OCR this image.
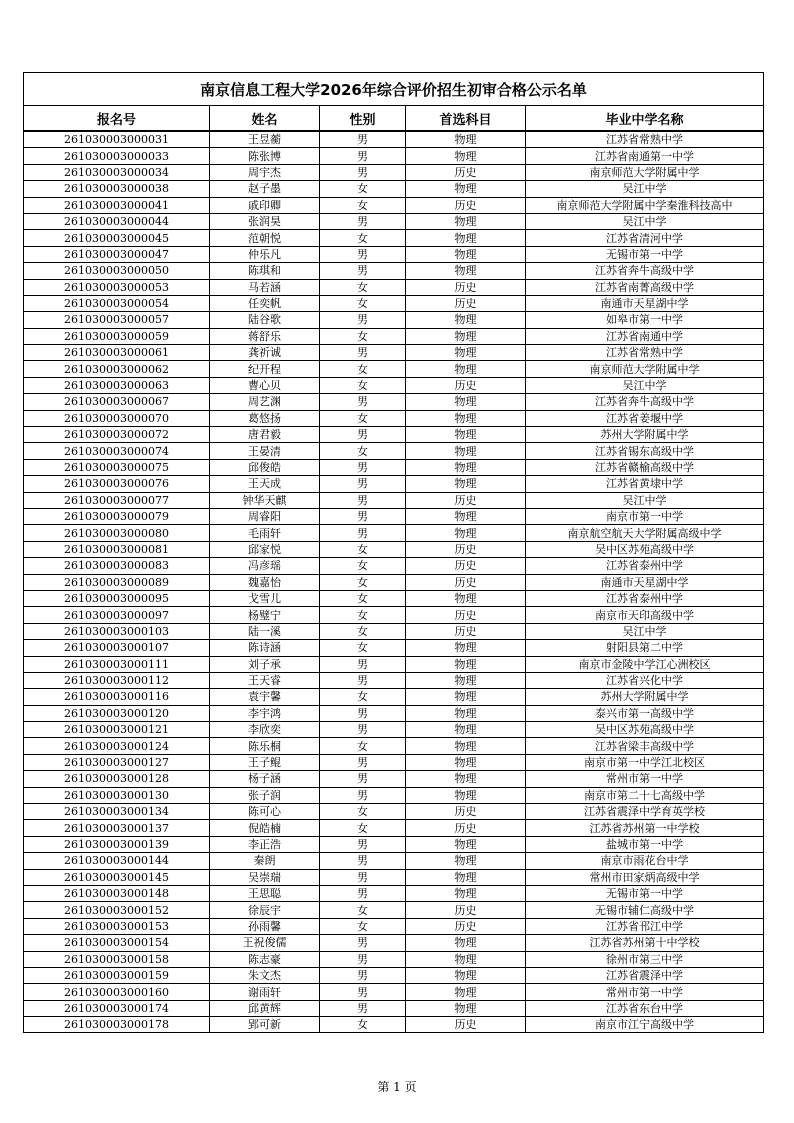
南京信息工程大学2026年综合评价招生初审合格公示名单				
报名号	姓名	性别	首选科目	毕业中学名称
261030003000031	王昱蘅	男	物理	江苏省常熟中学
261030003000033	陈张博	男	物理	江苏省南通第一中学
261030003000034	周宇杰	男	历史	南京师范大学附属中学
261030003000038	赵子墨	女	物理	吴江中学
261030003000041	戚印卿	女	历史	南京师范大学附属中学秦淮科技高中
261030003000044	张润昊	男	物理	吴江中学
261030003000045	范朝悦	女	物理	江苏省清河中学
261030003000047	仲乐凡	男	物理	无锡市第一中学
261030003000050	陈琪和	男	物理	江苏省奔牛高级中学
261030003000053	马若涵	女	历史	江苏省南菁高级中学
261030003000054	任奕帆	女	历史	南通市天星湖中学
261030003000057	陆谷歌	男	物理	如皋市第一中学
261030003000059	蒋舒乐	女	物理	江苏省南通中学
261030003000061	龚祈诚	男	物理	江苏省常熟中学
261030003000062	纪开程	女	物理	南京师范大学附属中学
261030003000063	曹心贝	女	历史	吴江中学
261030003000067	周艺渊	男	物理	江苏省奔牛高级中学
261030003000070	葛悠扬	女	物理	江苏省姜堰中学
261030003000072	唐君毅	男	物理	苏州大学附属中学
261030003000074	王晏清	女	物理	江苏省锡东高级中学
261030003000075	邱俊皓	男	物理	江苏省赣榆高级中学
261030003000076	王天成	男	物理	江苏省黄埭中学
261030003000077	钟华天麒	男	历史	吴江中学
261030003000079	周睿阳	男	物理	南京市第一中学
261030003000080	毛雨轩	男	物理	南京航空航天大学附属高级中学
261030003000081	邱家悦	女	历史	吴中区苏苑高级中学
261030003000083	冯彦瑶	女	历史	江苏省泰州中学
261030003000089	魏嘉怡	女	历史	南通市天星湖中学
261030003000095	戈雪儿	女	物理	江苏省泰州中学
261030003000097	杨璧宁	女	历史	南京市天印高级中学
261030003000103	陆一溪	女	历史	吴江中学
261030003000107	陈诗涵	女	物理	射阳县第二中学
261030003000111	刘子承	男	物理	南京市金陵中学江心洲校区
261030003000112	王天睿	男	物理	江苏省兴化中学
261030003000116	袁宇馨	女	物理	苏州大学附属中学
261030003000120	李宇鸿	男	物理	泰兴市第一高级中学
261030003000121	李欣奕	男	物理	吴中区苏苑高级中学
261030003000124	陈乐桐	女	物理	江苏省梁丰高级中学
261030003000127	王子鲲	男	物理	南京市第一中学江北校区
261030003000128	杨子涵	男	物理	常州市第一中学
261030003000130	张子润	男	物理	南京市第二十七高级中学
261030003000134	陈可心	女	历史	江苏省震泽中学育英学校
261030003000137	倪皓楠	女	历史	江苏省苏州第一中学校
261030003000139	李正浩	男	物理	盐城市第一中学
261030003000144	秦朗	男	物理	南京市雨花台中学
261030003000145	吴崇瑞	男	物理	常州市田家炳高级中学
261030003000148	王思聪	男	物理	无锡市第一中学
261030003000152	徐辰宇	女	历史	无锡市辅仁高级中学
261030003000153	孙雨馨	女	历史	江苏省邗江中学
261030003000154	王祝俊儒	男	物理	江苏省苏州第十中学校
261030003000158	陈志豪	男	物理	徐州市第三中学
261030003000159	朱文杰	男	物理	江苏省震泽中学
261030003000160	谢雨轩	男	物理	常州市第一中学
261030003000174	邱黄辉	男	物理	江苏省东台中学
261030003000178	郢可新	女	历史	南京市江宁高级中学
第 1 页
